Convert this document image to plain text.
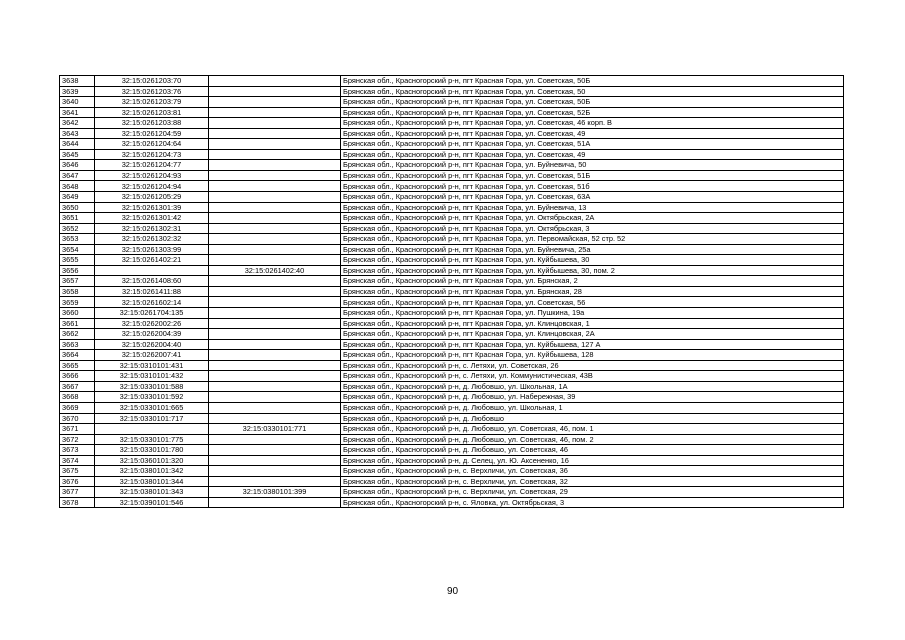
3638	32:15:0261203:70		Брянская обл., Красногорский р-н, пгт Красная Гора, ул. Советская, 50Б
3639	32:15:0261203:76		Брянская обл., Красногорский р-н, пгт Красная Гора, ул. Советская, 50
3640	32:15:0261203:79		Брянская обл., Красногорский р-н, пгт Красная Гора, ул. Советская, 50Б
3641	32:15:0261203:81		Брянская обл., Красногорский р-н, пгт Красная Гора, ул. Советская, 52Б
3642	32:15:0261203:88		Брянская обл., Красногорский р-н, пгт Красная Гора, ул. Советская, 46 корп. В
3643	32:15:0261204:59		Брянская обл., Красногорский р-н, пгт Красная Гора, ул. Советская, 49
3644	32:15:0261204:64		Брянская обл., Красногорский р-н, пгт Красная Гора, ул. Советская, 51А
3645	32:15:0261204:73		Брянская обл., Красногорский р-н, пгт Красная Гора, ул. Советская, 49
3646	32:15:0261204:77		Брянская обл., Красногорский р-н, пгт Красная Гора, ул. Буйневича, 50
3647	32:15:0261204:93		Брянская обл., Красногорский р-н, пгт Красная Гора, ул. Советская, 51Б
3648	32:15:0261204:94		Брянская обл., Красногорский р-н, пгт Красная Гора, ул. Советская, 51б
3649	32:15:0261205:29		Брянская обл., Красногорский р-н, пгт Красная Гора, ул. Советская, 63А
3650	32:15:0261301:39		Брянская обл., Красногорский р-н, пгт Красная Гора, ул. Буйневича, 13
3651	32:15:0261301:42		Брянская обл., Красногорский р-н, пгт Красная Гора, ул. Октябрьская, 2А
3652	32:15:0261302:31		Брянская обл., Красногорский р-н, пгт Красная Гора, ул. Октябрьская, 3
3653	32:15:0261302:32		Брянская обл., Красногорский р-н, пгт Красная Гора, ул. Первомайская, 52 стр. 52
3654	32:15:0261303:99		Брянская обл., Красногорский р-н, пгт Красная Гора, ул. Буйневича, 25а
3655	32:15:0261402:21		Брянская обл., Красногорский р-н, пгт Красная Гора, ул. Куйбышева, 30
3656		32:15:0261402:40	Брянская обл., Красногорский р-н, пгт Красная Гора, ул. Куйбышева, 30, пом. 2
3657	32:15:0261408:60		Брянская обл., Красногорский р-н, пгт Красная Гора, ул. Брянская, 2
3658	32:15:0261411:88		Брянская обл., Красногорский р-н, пгт Красная Гора, ул. Брянская, 28
3659	32:15:0261602:14		Брянская обл., Красногорский р-н, пгт Красная Гора, ул. Советская, 56
3660	32:15:0261704:135		Брянская обл., Красногорский р-н, пгт Красная Гора, ул. Пушкина, 19а
3661	32:15:0262002:26		Брянская обл., Красногорский р-н, пгт Красная Гора, ул. Клинцовская, 1
3662	32:15:0262004:39		Брянская обл., Красногорский р-н, пгт Красная Гора, ул. Клинцовская, 2А
3663	32:15:0262004:40		Брянская обл., Красногорский р-н, пгт Красная Гора, ул. Куйбышева, 127 А
3664	32:15:0262007:41		Брянская обл., Красногорский р-н, пгт Красная Гора, ул. Куйбышева, 128
3665	32:15:0310101:431		Брянская обл., Красногорский р-н, с. Летяхи, ул. Советская, 26
3666	32:15:0310101:432		Брянская обл., Красногорский р-н, с. Летяхи, ул. Коммунистическая, 43В
3667	32:15:0330101:588		Брянская обл., Красногорский р-н, д. Любовшо, ул. Школьная, 1А
3668	32:15:0330101:592		Брянская обл., Красногорский р-н, д. Любовшо, ул. Набережная, 39
3669	32:15:0330101:665		Брянская обл., Красногорский р-н, д. Любовшо, ул. Школьная, 1
3670	32:15:0330101:717		Брянская обл., Красногорский р-н, д. Любовшо
3671		32:15:0330101:771	Брянская обл., Красногорский р-н, д. Любовшо, ул. Советская, 46, пом. 1
3672	32:15:0330101:775		Брянская обл., Красногорский р-н, д. Любовшо, ул. Советская, 46, пом. 2
3673	32:15:0330101:780		Брянская обл., Красногорский р-н, д. Любовшо, ул. Советская, 46
3674	32:15:0360101:320		Брянская обл., Красногорский р-н, д. Селец, ул. Ю. Аксененко, 16
3675	32:15:0380101:342		Брянская обл., Красногорский р-н, с. Верхличи, ул. Советская, 36
3676	32:15:0380101:344		Брянская обл., Красногорский р-н, с. Верхличи, ул. Советская, 32
3677	32:15:0380101:343	32:15:0380101:399	Брянская обл., Красногорский р-н, с. Верхличи, ул. Советская, 29
3678	32:15:0390101:546		Брянская обл., Красногорский р-н, с. Яловка, ул. Октябрьская, 3
90
